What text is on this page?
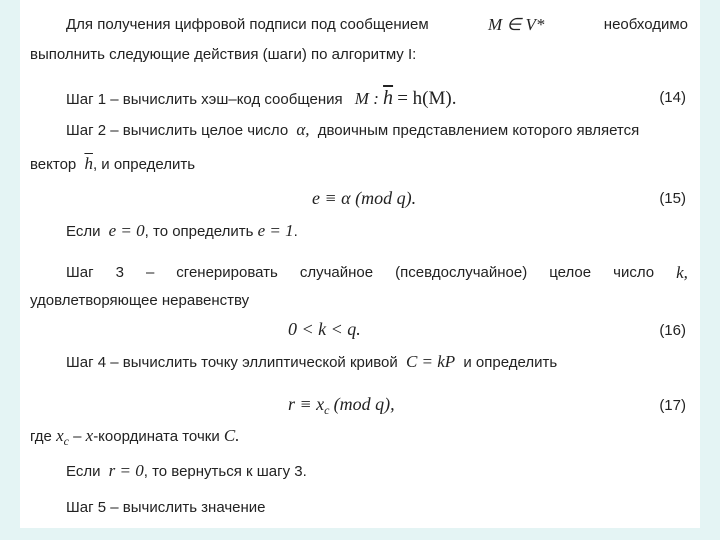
Для получения цифровой подписи под сообщением	M ∈ V*	необходимо
выполнить следующие действия (шаги) по алгоритму I:
Шаг 1 – вычислить хэш–код сообщения M : $\overline{h} = h(M)$.	(14)
Шаг 2 – вычислить целое число α, двоичным представлением которого является
вектор $\overline{h}$, и определить
e ≡ α (mod q).	(15)
Если e = 0, то определить e = 1.
Шаг 3 – сгенерировать случайное (псевдослучайное) целое число k,
удовлетворяющее неравенству
0 < k < q.	(16)
Шаг 4 – вычислить точку эллиптической кривой C = kP и определить
$r \equiv x_c$ (mod q),	(17)
где $x_c$ – x-координата точки C.
Если r = 0, то вернуться к шагу 3.
Шаг 5 – вычислить значение
